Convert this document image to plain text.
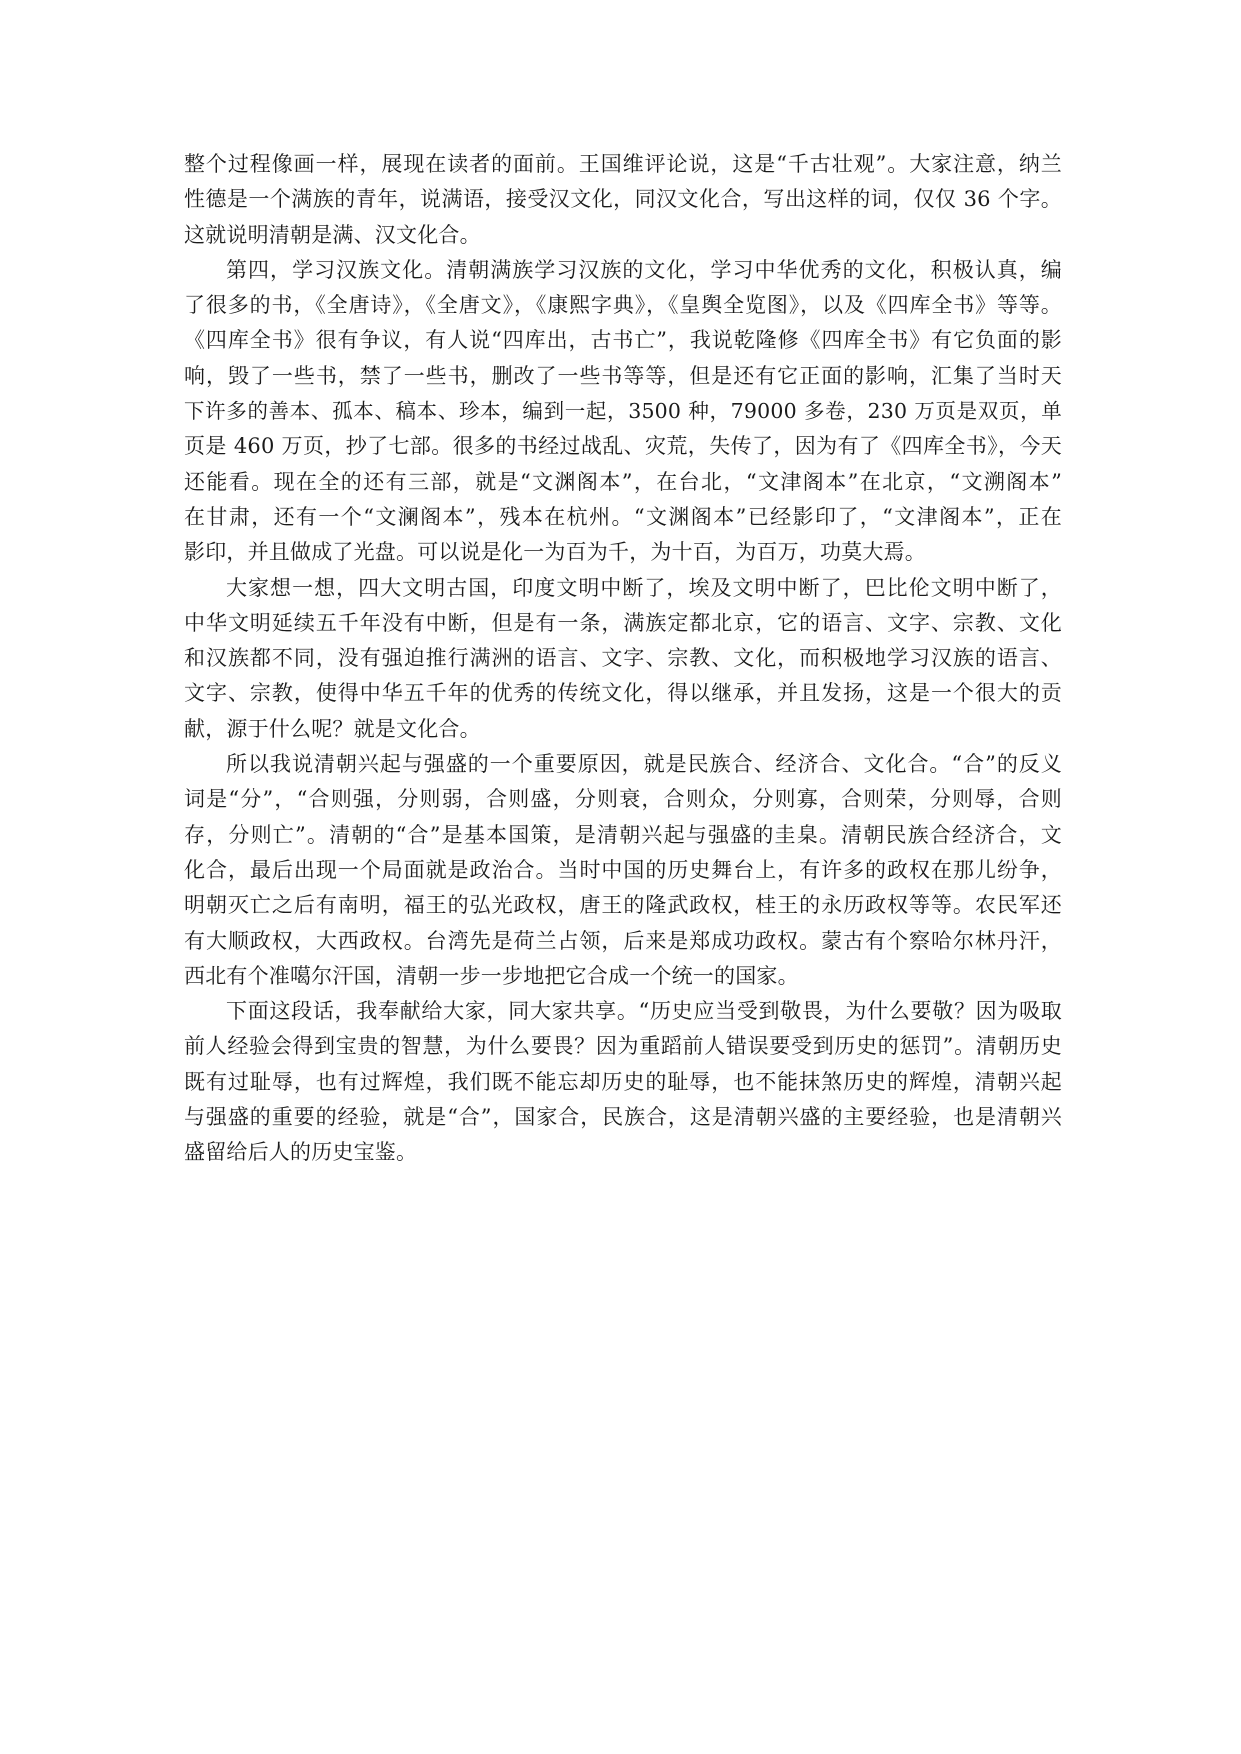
整个过程像画一样，展现在读者的面前。王国维评论说，这是“千古壮观”。大家注意，纳兰
性德是一个满族的青年，说满语，接受汉文化，同汉文化合，写出这样的词，仅仅 36 个字。
这就说明清朝是满、汉文化合。
第四，学习汉族文化。清朝满族学习汉族的文化，学习中华优秀的文化，积极认真，编
了很多的书，《全唐诗》，《全唐文》，《康熙字典》，《皇舆全览图》，以及《四库全书》等等。
《四库全书》很有争议，有人说“四库出，古书亡”，我说乾隆修《四库全书》有它负面的影
响，毁了一些书，禁了一些书，删改了一些书等等，但是还有它正面的影响，汇集了当时天
下许多的善本、孤本、稿本、珍本，编到一起，3500 种，79000 多卷，230 万页是双页，单
页是 460 万页，抄了七部。很多的书经过战乱、灾荒，失传了，因为有了《四库全书》，今天
还能看。现在全的还有三部，就是“文渊阁本”，在台北，“文津阁本”在北京，“文溯阁本”
在甘肃，还有一个“文澜阁本”，残本在杭州。“文渊阁本”已经影印了，“文津阁本”，正在
影印，并且做成了光盘。可以说是化一为百为千，为十百，为百万，功莫大焉。
大家想一想，四大文明古国，印度文明中断了，埃及文明中断了，巴比伦文明中断了，
中华文明延续五千年没有中断，但是有一条，满族定都北京，它的语言、文字、宗教、文化
和汉族都不同，没有强迫推行满洲的语言、文字、宗教、文化，而积极地学习汉族的语言、
文字、宗教，使得中华五千年的优秀的传统文化，得以继承，并且发扬，这是一个很大的贡
献，源于什么呢？就是文化合。
所以我说清朝兴起与强盛的一个重要原因，就是民族合、经济合、文化合。“合”的反义
词是“分”，“合则强，分则弱，合则盛，分则衰，合则众，分则寡，合则荣，分则辱，合则
存，分则亡”。清朝的“合”是基本国策，是清朝兴起与强盛的圭臬。清朝民族合经济合，文
化合，最后出现一个局面就是政治合。当时中国的历史舞台上，有许多的政权在那儿纷争，
明朝灭亡之后有南明，福王的弘光政权，唐王的隆武政权，桂王的永历政权等等。农民军还
有大顺政权，大西政权。台湾先是荷兰占领，后来是郑成功政权。蒙古有个察哈尔林丹汗，
西北有个准噶尔汗国，清朝一步一步地把它合成一个统一的国家。
下面这段话，我奉献给大家，同大家共享。“历史应当受到敬畏，为什么要敬？因为吸取
前人经验会得到宝贵的智慧，为什么要畏？因为重蹈前人错误要受到历史的惩罚”。清朝历史
既有过耻辱，也有过辉煌，我们既不能忘却历史的耻辱，也不能抹煞历史的辉煌，清朝兴起
与强盛的重要的经验，就是“合”，国家合，民族合，这是清朝兴盛的主要经验，也是清朝兴
盛留给后人的历史宝鉴。
